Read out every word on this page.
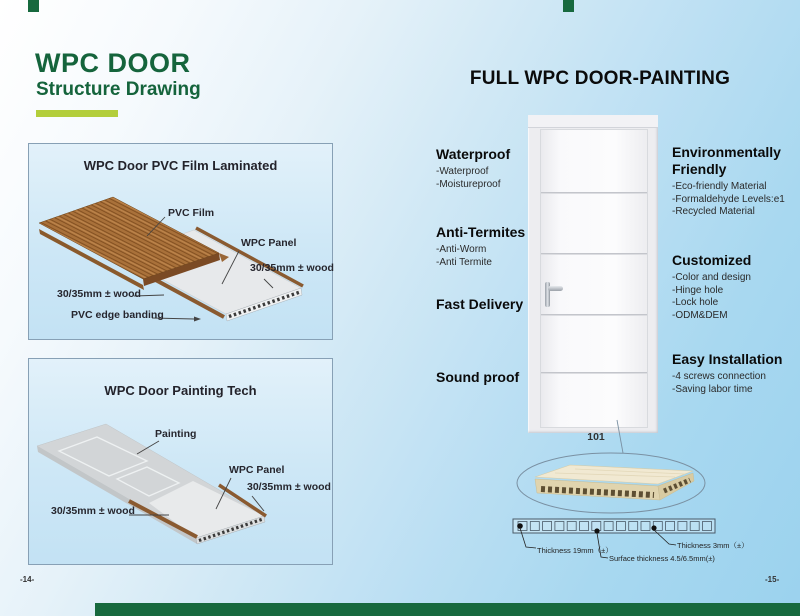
WPC DOOR
Structure Drawing
WPC Door PVC Film Laminated
PVC Film
WPC Panel
30/35mm ± wood
30/35mm ± wood
PVC edge banding
WPC Door Painting Tech
Painting
WPC Panel
30/35mm ± wood
30/35mm ± wood
FULL WPC DOOR-PAINTING
Waterproof
-Waterproof
-Moistureproof
Anti-Termites
-Anti-Worm
-Anti Termite
Fast Delivery
Sound proof
Environmentally Friendly
-Eco-friendly Material
-Formaldehyde Levels:e1
-Recycled Material
Customized
-Color and design
-Hinge hole
-Lock hole
-ODM&DEM
Easy Installation
-4 screws connection
-Saving labor time
101
Thickness 19mm（±）
Thickness 3mm（±）
Surface thickness 4.5/6.5mm(±)
-14-	-15-
